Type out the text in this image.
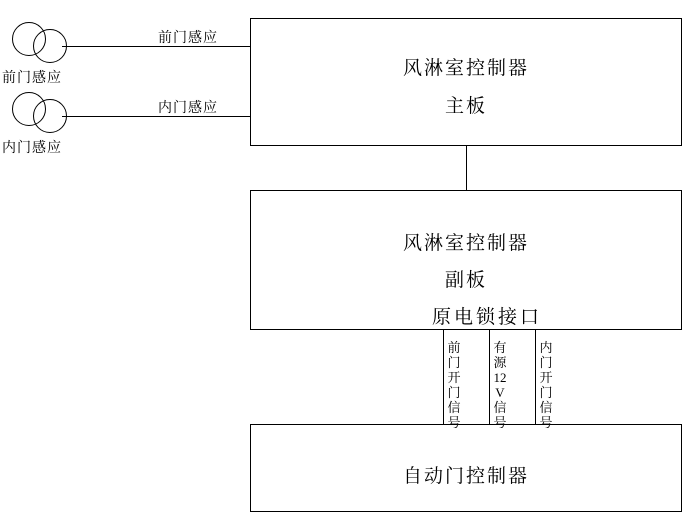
风淋室控制器
主板
风淋室控制器
副板
原电锁接口
自动门控制器
前门感应
内门感应
前门感应
内门感应
前门开门信号
有源12V信号
内门开门信号
